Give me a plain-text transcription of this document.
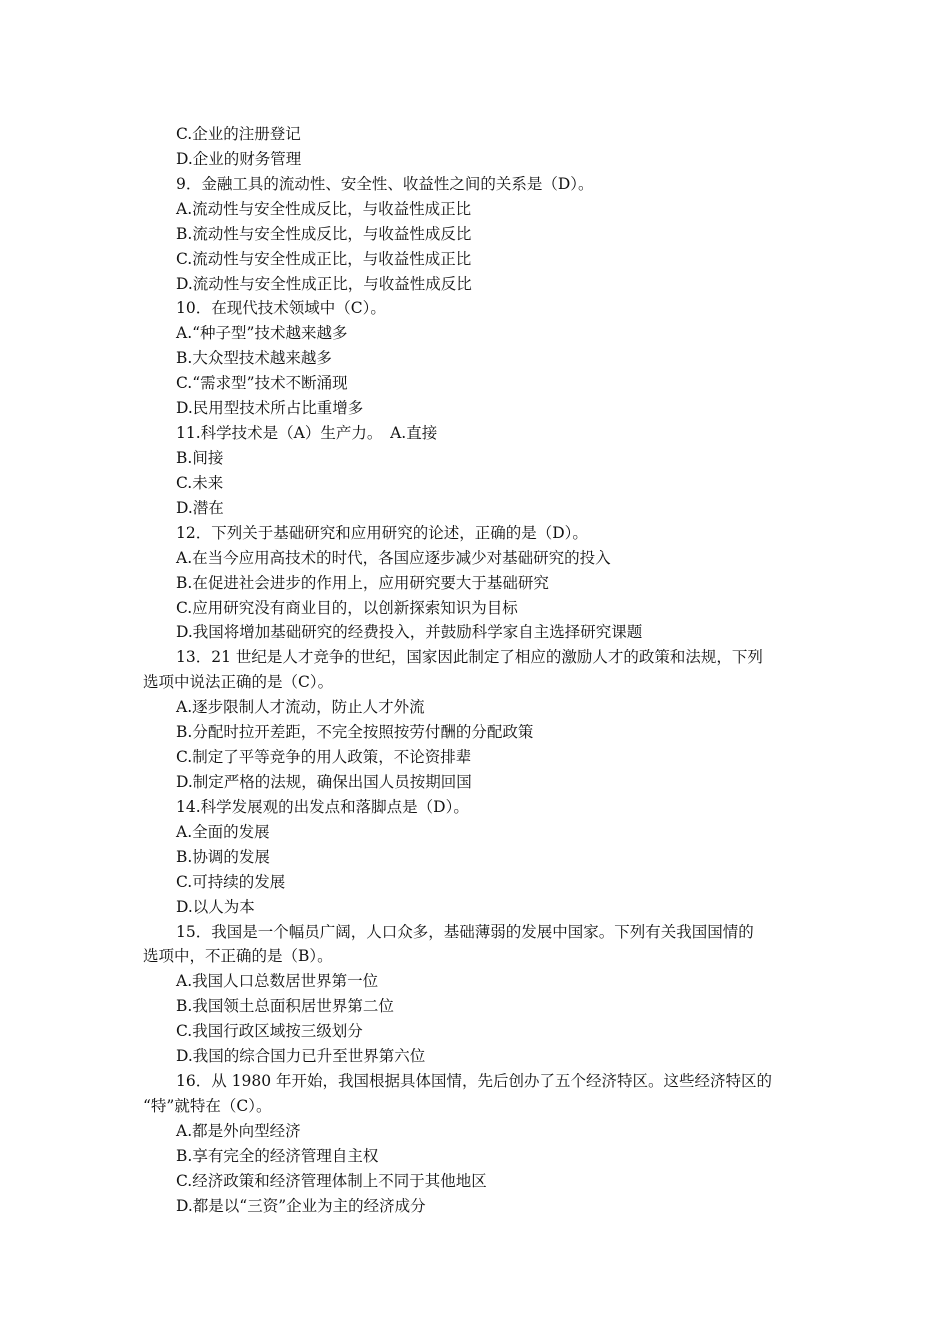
C.企业的注册登记
D.企业的财务管理
9．金融工具的流动性、安全性、收益性之间的关系是（D）。
A.流动性与安全性成反比，与收益性成正比
B.流动性与安全性成反比，与收益性成反比
C.流动性与安全性成正比，与收益性成正比
D.流动性与安全性成正比，与收益性成反比
10．在现代技术领域中（C）。
A.“种子型”技术越来越多
B.大众型技术越来越多
C.“需求型”技术不断涌现
D.民用型技术所占比重增多
11.科学技术是（A）生产力。　A.直接
B.间接
C.未来
D.潜在
12．下列关于基础研究和应用研究的论述，正确的是（D）。
A.在当今应用高技术的时代，各国应逐步减少对基础研究的投入
B.在促进社会进步的作用上，应用研究要大于基础研究
C.应用研究没有商业目的，以创新探索知识为目标
D.我国将增加基础研究的经费投入，并鼓励科学家自主选择研究课题
13．21 世纪是人才竞争的世纪，国家因此制定了相应的激励人才的政策和法规，下列
选项中说法正确的是（C）。
A.逐步限制人才流动，防止人才外流
B.分配时拉开差距，不完全按照按劳付酬的分配政策
C.制定了平等竞争的用人政策，不论资排辈
D.制定严格的法规，确保出国人员按期回国
14.科学发展观的出发点和落脚点是（D）。
A.全面的发展
B.协调的发展
C.可持续的发展
D.以人为本
15．我国是一个幅员广阔，人口众多，基础薄弱的发展中国家。下列有关我国国情的
选项中，不正确的是（B）。
A.我国人口总数居世界第一位
B.我国领土总面积居世界第二位
C.我国行政区域按三级划分
D.我国的综合国力已升至世界第六位
16．从 1980 年开始，我国根据具体国情，先后创办了五个经济特区。这些经济特区的
“特”就特在（C）。
A.都是外向型经济
B.享有完全的经济管理自主权
C.经济政策和经济管理体制上不同于其他地区
D.都是以“三资”企业为主的经济成分
